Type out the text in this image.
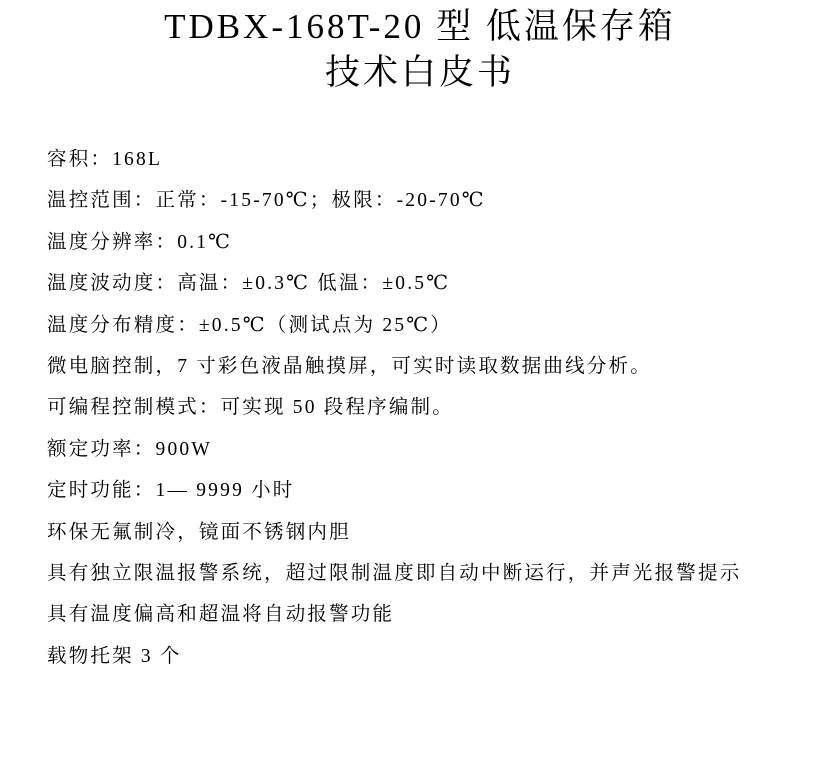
TDBX-168T-20 型 低温保存箱
技术白皮书

容积：168L

温控范围：正常：-15-70℃；极限：-20-70℃

温度分辨率：0.1℃

温度波动度：高温：±0.3℃ 低温：±0.5℃

温度分布精度：±0.5℃（测试点为 25℃）

微电脑控制，7 寸彩色液晶触摸屏，可实时读取数据曲线分析。

可编程控制模式：可实现 50 段程序编制。

额定功率：900W

定时功能：1— 9999 小时

环保无氟制冷，镜面不锈钢内胆

具有独立限温报警系统，超过限制温度即自动中断运行，并声光报警提示

具有温度偏高和超温将自动报警功能

载物托架 3 个
